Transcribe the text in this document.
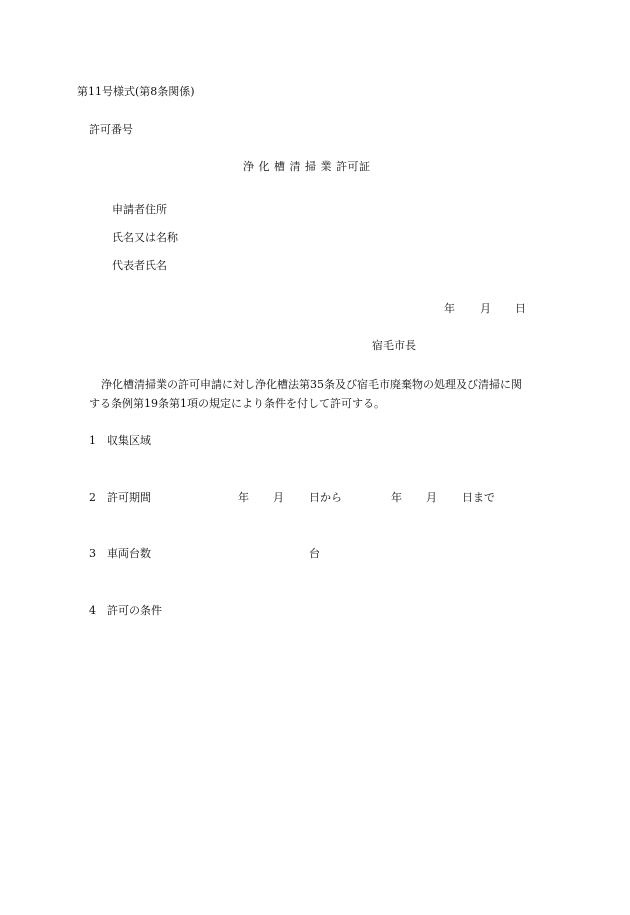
第11号様式(第8条関係)
許可番号
浄 化 槽 清 掃 業 許可証
申請者住所
氏名又は名称
代表者氏名
年 月 日
宿毛市長
浄化槽清掃業の許可申請に対し浄化槽法第35条及び宿毛市廃棄物の処理及び清掃に関
する条例第19条第1項の規定により条件を付して許可する。
1 収集区域
2 許可期間	年 月 日から	年 月 日まで
3 車両台数	台
4 許可の条件
